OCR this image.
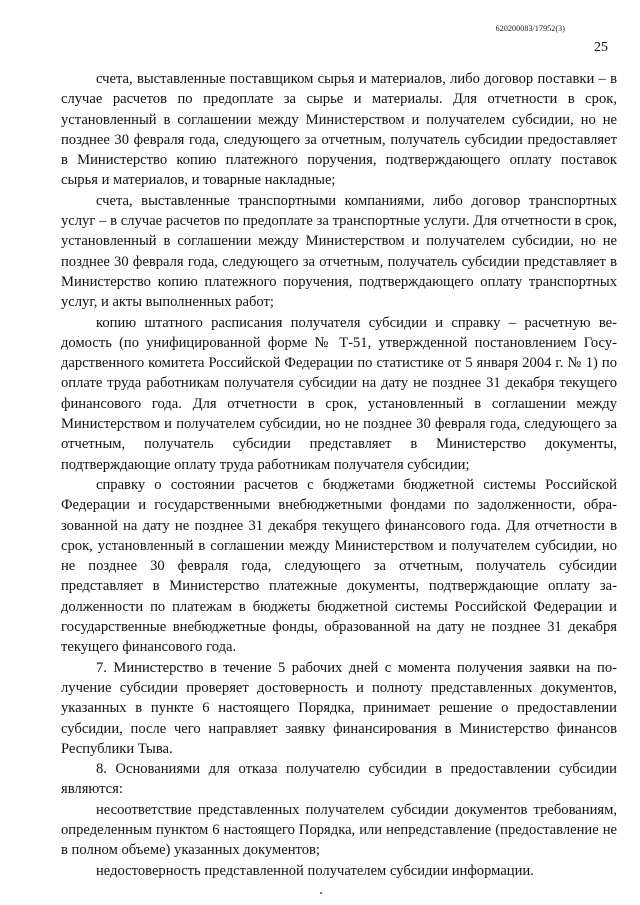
620200083/17952(3)
25

счета, выставленные поставщиком сырья и материалов, либо договор поставки – в случае расчетов по предоплате за сырье и материалы. Для отчетности в срок, установленный в соглашении между Министерством и получателем субсидии, но не позднее 30 февраля года, следующего за отчетным, получатель субсидии предоставляет в Министерство копию платежного поручения, подтверждающего оплату поставок сырья и материалов, и товарные накладные;

счета, выставленные транспортными компаниями, либо договор транспортных услуг – в случае расчетов по предоплате за транспортные услуги. Для отчетности в срок, установленный в соглашении между Министерством и получателем субсидии, но не позднее 30 февраля года, следующего за отчетным, получатель субсидии представляет в Министерство копию платежного поручения, подтверждающего оплату транспортных услуг, и акты выполненных работ;

копию штатного расписания получателя субсидии и справку – расчетную ведомость (по унифицированной форме № Т-51, утвержденной постановлением Государственного комитета Российской Федерации по статистике от 5 января 2004 г. № 1) по оплате труда работникам получателя субсидии на дату не позднее 31 декабря текущего финансового года. Для отчетности в срок, установленный в соглашении между Министерством и получателем субсидии, но не позднее 30 февраля года, следующего за отчетным, получатель субсидии представляет в Министерство документы, подтверждающие оплату труда работникам получателя субсидии;

справку о состоянии расчетов с бюджетами бюджетной системы Российской Федерации и государственными внебюджетными фондами по задолженности, образованной на дату не позднее 31 декабря текущего финансового года. Для отчетности в срок, установленный в соглашении между Министерством и получателем субсидии, но не позднее 30 февраля года, следующего за отчетным, получатель субсидии представляет в Министерство платежные документы, подтверждающие оплату задолженности по платежам в бюджеты бюджетной системы Российской Федерации и государственные внебюджетные фонды, образованной на дату не позднее 31 декабря текущего финансового года.

7. Министерство в течение 5 рабочих дней с момента получения заявки на получение субсидии проверяет достоверность и полноту представленных документов, указанных в пункте 6 настоящего Порядка, принимает решение о предоставлении субсидии, после чего направляет заявку финансирования в Министерство финансов Республики Тыва.

8. Основаниями для отказа получателю субсидии в предоставлении субсидии являются:

несоответствие представленных получателем субсидии документов требованиям, определенным пунктом 6 настоящего Порядка, или непредставление (предоставление не в полном объеме) указанных документов;

недостоверность представленной получателем субсидии информации.
